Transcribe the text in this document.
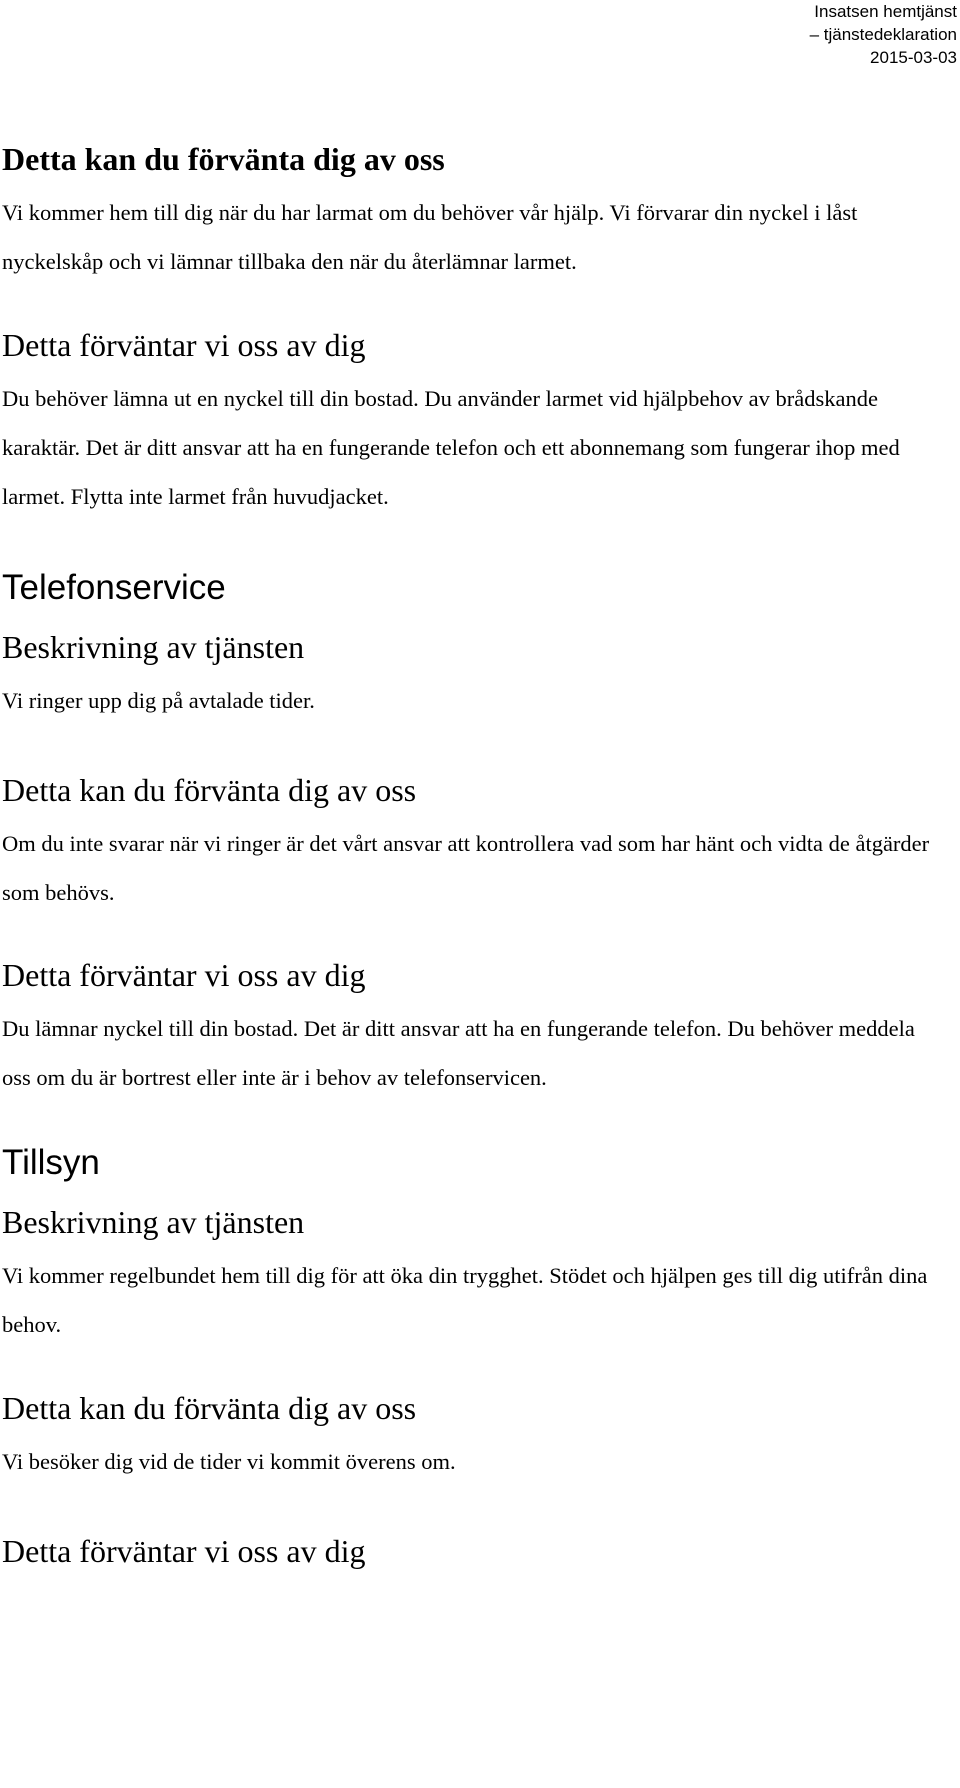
Insatsen hemtjänst
– tjänstedeklaration
2015-03-03
Detta kan du förvänta dig av oss
Vi kommer hem till dig när du har larmat om du behöver vår hjälp. Vi förvarar din nyckel i låst nyckelskåp och vi lämnar tillbaka den när du återlämnar larmet.
Detta förväntar vi oss av dig
Du behöver lämna ut en nyckel till din bostad. Du använder larmet vid hjälpbehov av brådskande karaktär. Det är ditt ansvar att ha en fungerande telefon och ett abonnemang som fungerar ihop med larmet. Flytta inte larmet från huvudjacket.
Telefonservice
Beskrivning av tjänsten
Vi ringer upp dig på avtalade tider.
Detta kan du förvänta dig av oss
Om du inte svarar när vi ringer är det vårt ansvar att kontrollera vad som har hänt och vidta de åtgärder som behövs.
Detta förväntar vi oss av dig
Du lämnar nyckel till din bostad. Det är ditt ansvar att ha en fungerande telefon. Du behöver meddela oss om du är bortrest eller inte är i behov av telefonservicen.
Tillsyn
Beskrivning av tjänsten
Vi kommer regelbundet hem till dig för att öka din trygghet. Stödet och hjälpen ges till dig utifrån dina behov.
Detta kan du förvänta dig av oss
Vi besöker dig vid de tider vi kommit överens om.
Detta förväntar vi oss av dig
